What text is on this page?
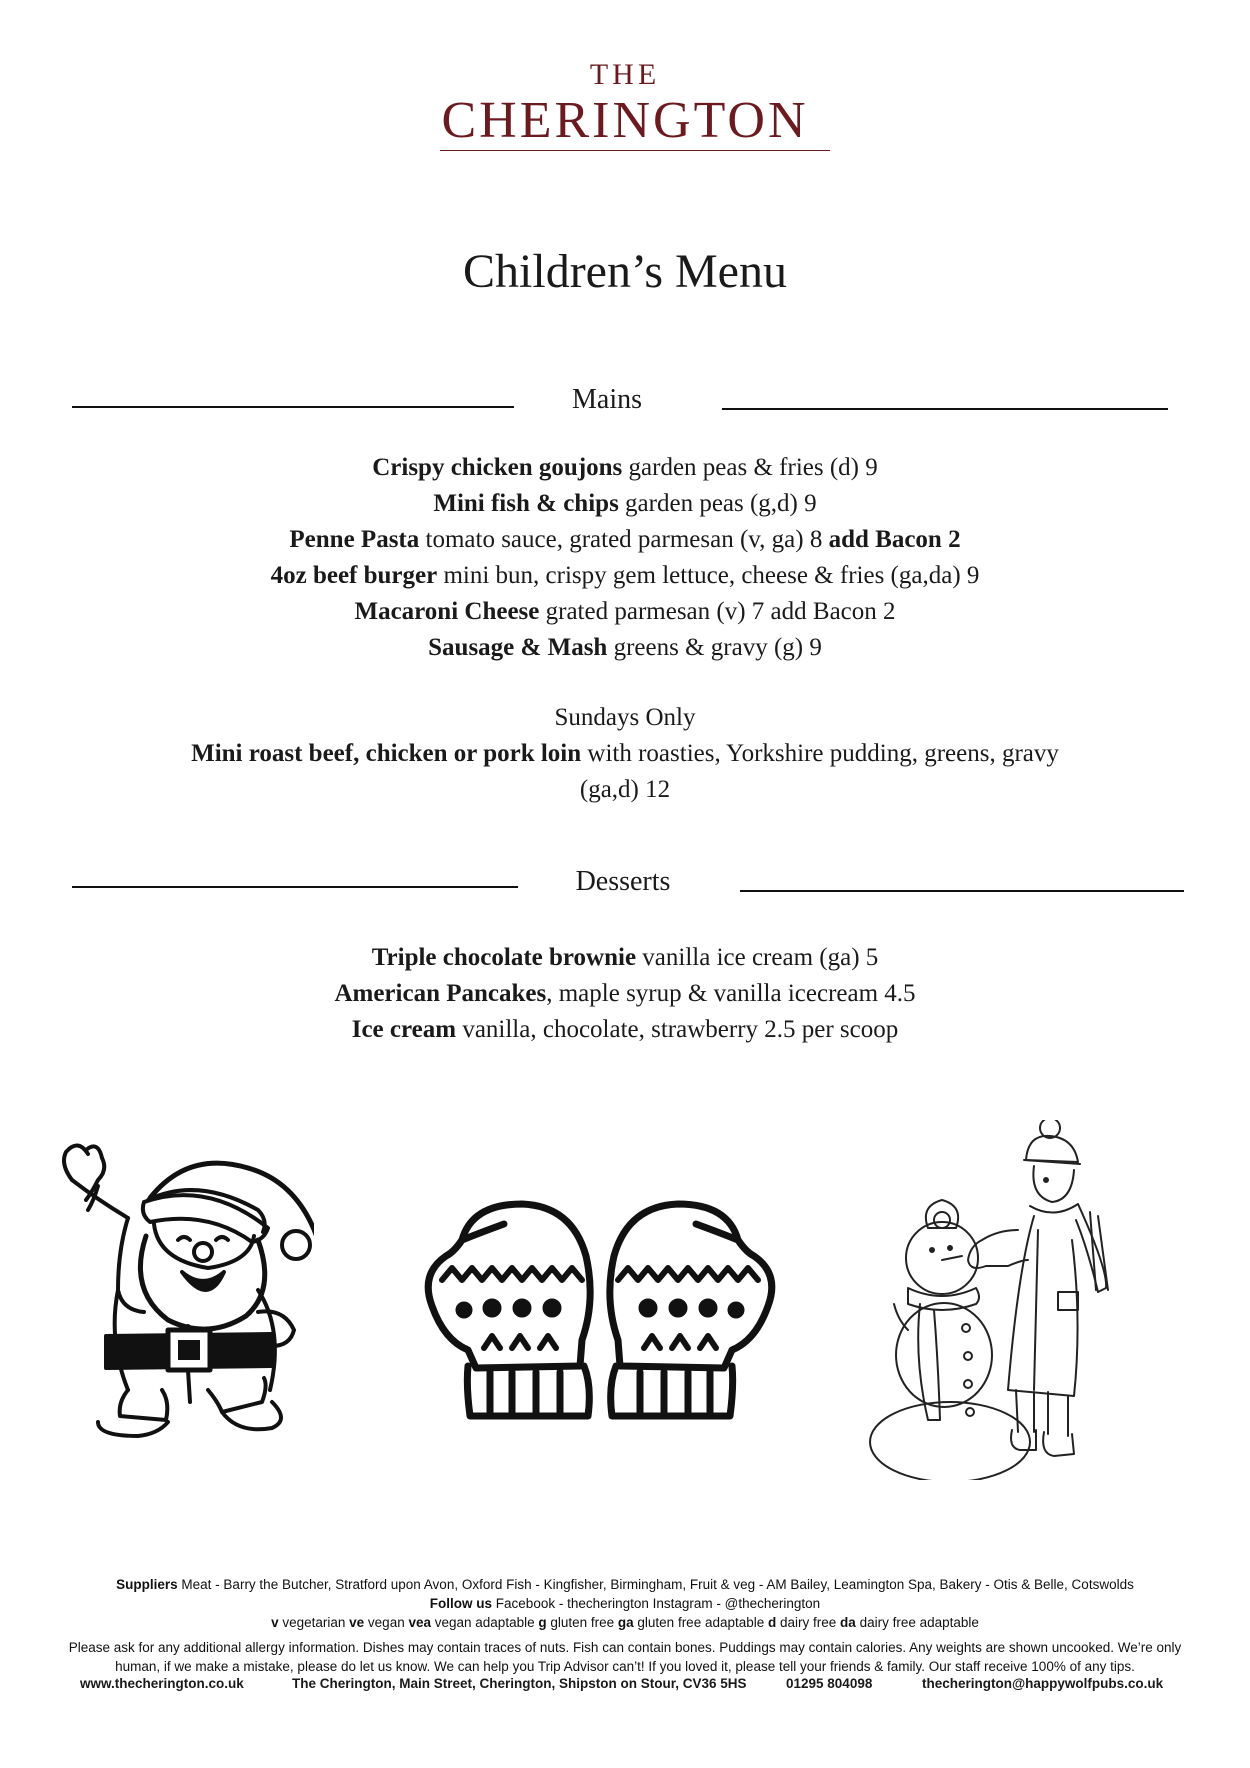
THE
CHERINGTON
Children’s Menu
Mains
Crispy chicken goujons garden peas & fries (d) 9
Mini fish & chips garden peas (g,d) 9
Penne Pasta tomato sauce, grated parmesan (v, ga) 8 add Bacon 2
4oz beef burger mini bun, crispy gem lettuce, cheese & fries (ga,da) 9
Macaroni Cheese grated parmesan (v) 7 add Bacon 2
Sausage & Mash greens & gravy (g) 9
Sundays Only
Mini roast beef, chicken or pork loin with roasties, Yorkshire pudding, greens, gravy
(ga,d) 12
Desserts
Triple chocolate brownie vanilla ice cream (ga) 5
American Pancakes, maple syrup & vanilla icecream 4.5
Ice cream vanilla, chocolate, strawberry 2.5 per scoop
Suppliers Meat - Barry the Butcher, Stratford upon Avon, Oxford Fish - Kingfisher, Birmingham, Fruit & veg - AM Bailey, Leamington Spa, Bakery - Otis & Belle, Cotswolds
Follow us Facebook - thecherington Instagram - @thecherington
v vegetarian ve vegan vea vegan adaptable g gluten free ga gluten free adaptable d dairy free da dairy free adaptable
Please ask for any additional allergy information. Dishes may contain traces of nuts. Fish can contain bones. Puddings may contain calories. Any weights are shown uncooked. We’re only
human, if we make a mistake, please do let us know. We can help you Trip Advisor can’t! If you loved it, please tell your friends & family. Our staff receive 100% of any tips.
www.thecherington.co.uk	The Cherington, Main Street, Cherington, Shipston on Stour, CV36 5HS	01295 804098	thecherington@happywolfpubs.co.uk
